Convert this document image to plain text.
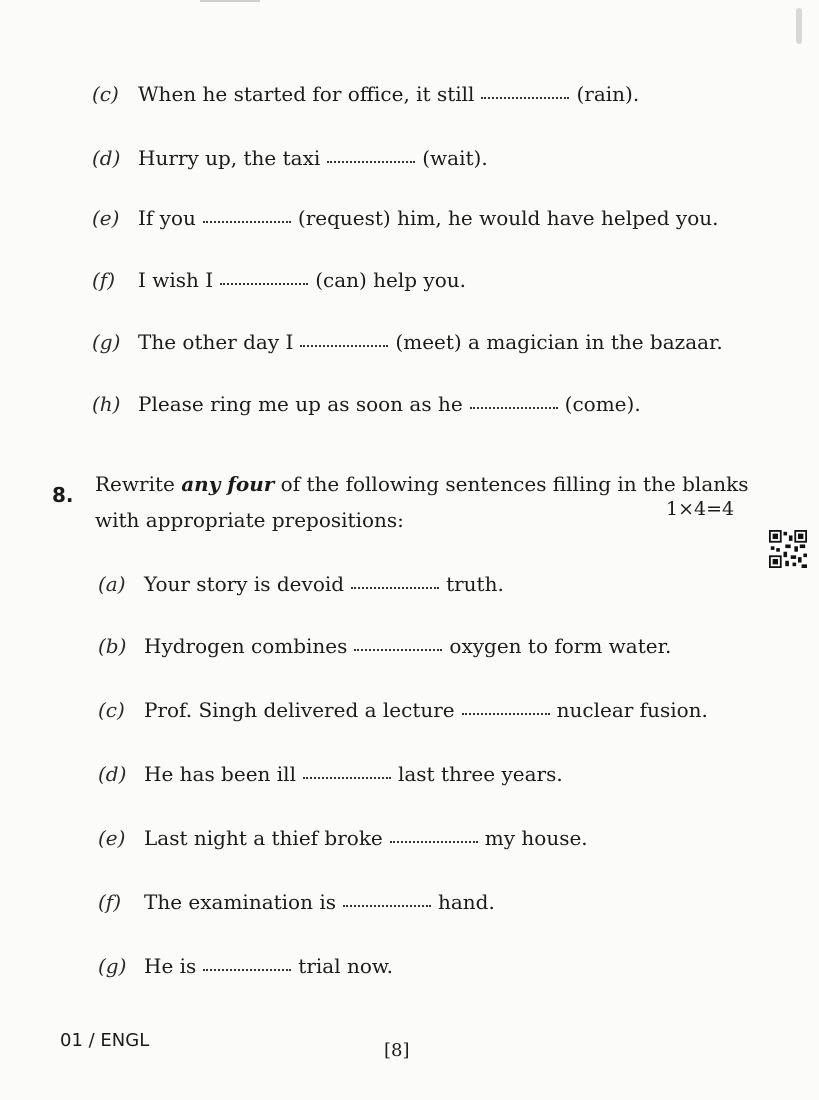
(c) When he started for office, it still	(rain).
(d) Hurry up, the taxi	(wait).
(e) If you	(request) him, he would have helped you.
(f) I wish I	(can) help you.
(g) The other day I	(meet) a magician in the bazaar.
(h) Please ring me up as soon as he	(come).
8. Rewrite any four of the following sentences filling in the blanks
with appropriate prepositions:	1×4=4
(a) Your story is devoid	truth.
(b) Hydrogen combines	oxygen to form water.
(c) Prof. Singh delivered a lecture	nuclear fusion.
(d) He has been ill	last three years.
(e) Last night a thief broke	my house.
(f) The examination is	hand.
(g) He is	trial now.
01 / ENGL	[8]
